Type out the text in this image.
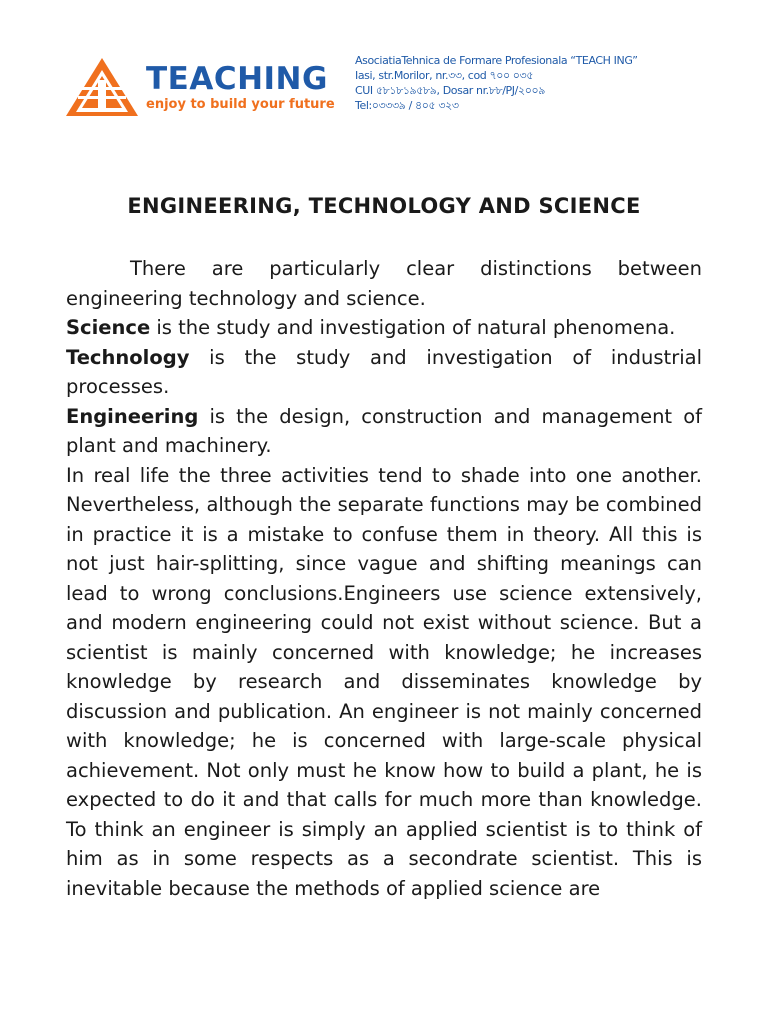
TEACHING
enjoy to build your future
AsociatiaTehnica de Formare Profesionala “TEACH ING”
Iasi, str.Morilor, nr.৩৩, cod ৭০০ ০৩৫
CUI ৫৮১৮১৯৫৮৯, Dosar nr.৮৮/PJ/২০০৯
Tel:০৩৩৩৯ / ৪০৫ ৩২৩
ENGINEERING, TECHNOLOGY AND SCIENCE

There are particularly clear distinctions between engineering technology and science.

Science is the study and investigation of natural phenomena.

Technology is the study and investigation of industrial processes.

Engineering is the design, construction and management of plant and machinery.

In real life the three activities tend to shade into one another. Nevertheless, although the separate functions may be combined in practice it is a mistake to confuse them in theory. All this is not just hair-splitting, since vague and shifting meanings can lead to wrong conclusions.Engineers use science extensively, and modern engineering could not exist without science. But a scientist is mainly concerned with knowledge; he increases knowledge by research and disseminates knowledge by discussion and publication. An engineer is not mainly concerned with knowledge; he is concerned with large-scale physical achievement. Not only must he know how to build a plant, he is expected to do it and that calls for much more than knowledge. To think an engineer is simply an applied scientist is to think of him as in some respects as a secondrate scientist. This is inevitable because the methods of applied science are
